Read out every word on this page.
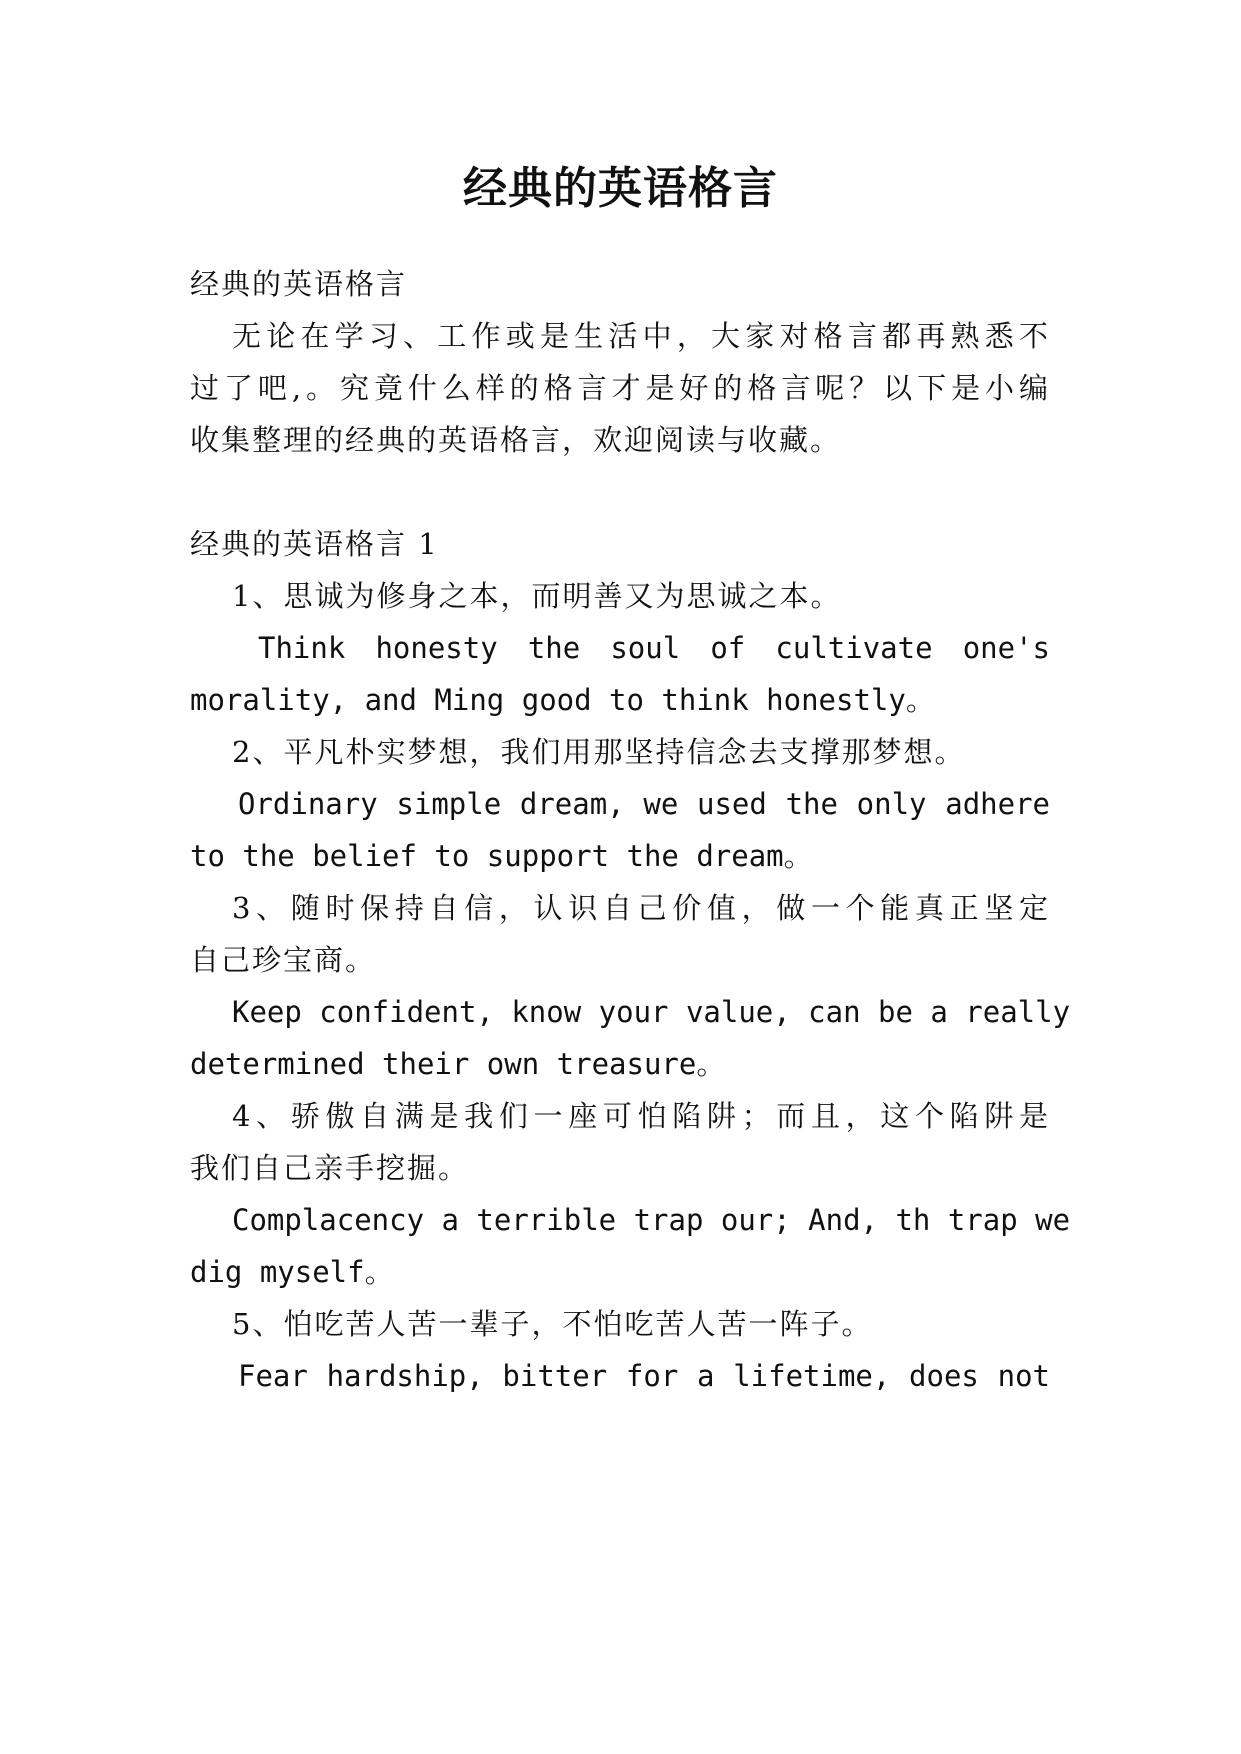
经典的英语格言
经典的英语格言
无论在学习、工作或是生活中，大家对格言都再熟悉不
过了吧,。究竟什么样的格言才是好的格言呢？以下是小编
收集整理的经典的英语格言，欢迎阅读与收藏。
经典的英语格言 1
1、思诚为修身之本，而明善又为思诚之本。
Think honesty the soul of cultivate one's
morality, and Ming good to think honestly。
2、平凡朴实梦想，我们用那坚持信念去支撑那梦想。
Ordinary simple dream, we used the only adhere
to the belief to support the dream。
3、随时保持自信，认识自己价值，做一个能真正坚定
自己珍宝商。
Keep confident, know your value, can be a really
determined their own treasure。
4、骄傲自满是我们一座可怕陷阱；而且，这个陷阱是
我们自己亲手挖掘。
Complacency a terrible trap our; And, th trap we
dig myself。
5、怕吃苦人苦一辈子，不怕吃苦人苦一阵子。
Fear hardship, bitter for a lifetime, does not
